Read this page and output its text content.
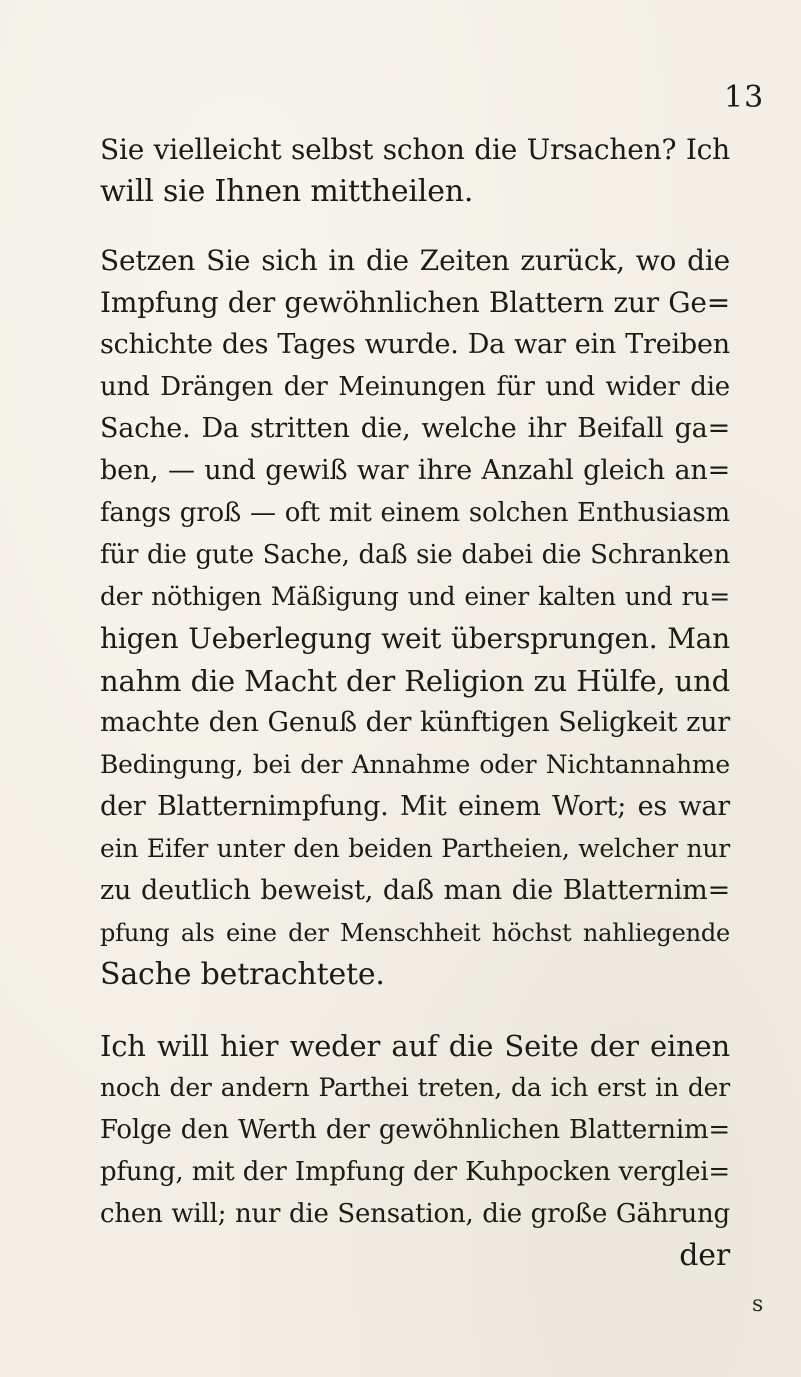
13
Sie vielleicht selbst schon die Ursachen? Ich
will sie Ihnen mittheilen.
Setzen Sie sich in die Zeiten zurück, wo die
Impfung der gewöhnlichen Blattern zur Ge=
schichte des Tages wurde. Da war ein Treiben
und Drängen der Meinungen für und wider die
Sache. Da stritten die, welche ihr Beifall ga=
ben, — und gewiß war ihre Anzahl gleich an=
fangs groß — oft mit einem solchen Enthusiasm
für die gute Sache, daß sie dabei die Schranken
der nöthigen Mäßigung und einer kalten und ru=
higen Ueberlegung weit übersprungen. Man
nahm die Macht der Religion zu Hülfe, und
machte den Genuß der künftigen Seligkeit zur
Bedingung, bei der Annahme oder Nichtannahme
der Blatternimpfung. Mit einem Wort; es war
ein Eifer unter den beiden Partheien, welcher nur
zu deutlich beweist, daß man die Blatternim=
pfung als eine der Menschheit höchst nahliegende
Sache betrachtete.
Ich will hier weder auf die Seite der einen
noch der andern Parthei treten, da ich erst in der
Folge den Werth der gewöhnlichen Blatternim=
pfung, mit der Impfung der Kuhpocken verglei=
chen will; nur die Sensation, die große Gährung
der
s
